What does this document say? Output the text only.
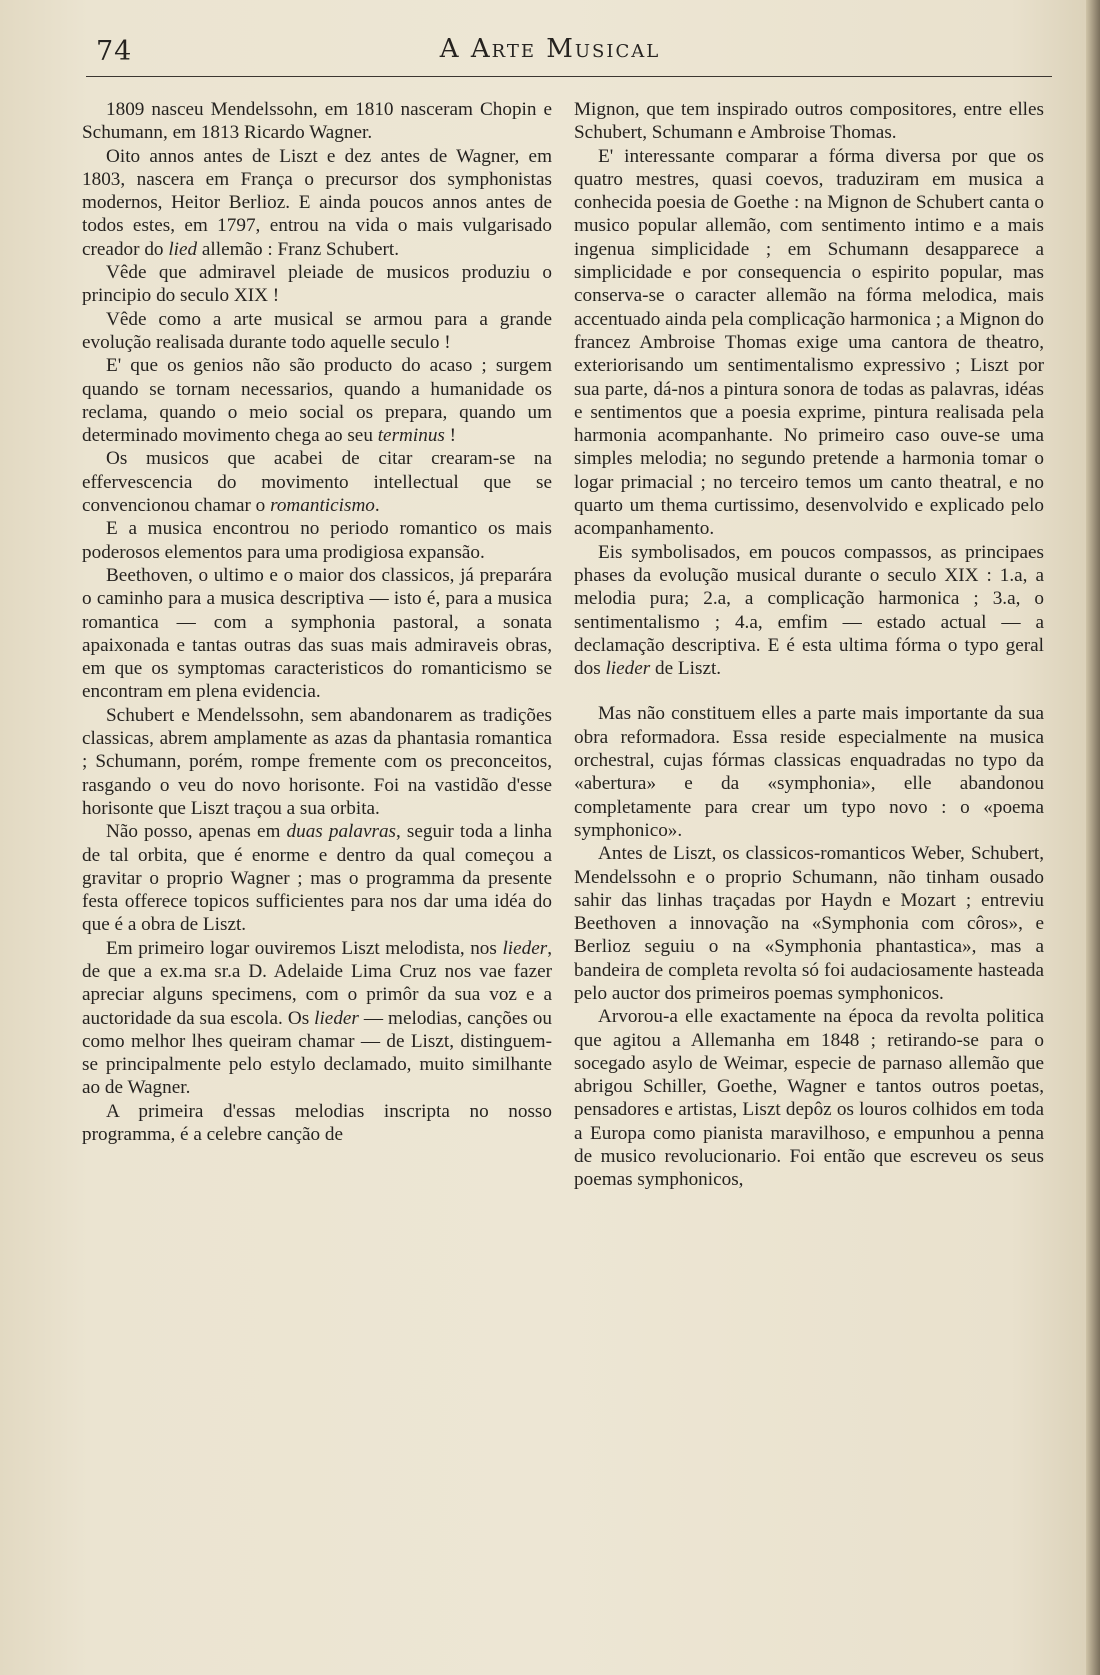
74	A Arte Musical

1809 nasceu Mendelssohn, em 1810 nasceram Chopin e Schumann, em 1813 Ricardo Wagner.

Oito annos antes de Liszt e dez antes de Wagner, em 1803, nascera em França o precursor dos symphonistas modernos, Heitor Berlioz. E ainda poucos annos antes de todos estes, em 1797, entrou na vida o mais vulgarisado creador do lied allemão : Franz Schubert.

Vêde que admiravel pleiade de musicos produziu o principio do seculo XIX !

Vêde como a arte musical se armou para a grande evolução realisada durante todo aquelle seculo !

E' que os genios não são producto do acaso ; surgem quando se tornam necessarios, quando a humanidade os reclama, quando o meio social os prepara, quando um determinado movimento chega ao seu terminus !

Os musicos que acabei de citar crearam-se na effervescencia do movimento intellectual que se convencionou chamar o romanticismo.

E a musica encontrou no periodo romantico os mais poderosos elementos para uma prodigiosa expansão.

Beethoven, o ultimo e o maior dos classicos, já preparára o caminho para a musica descriptiva — isto é, para a musica romantica — com a symphonia pastoral, a sonata apaixonada e tantas outras das suas mais admiraveis obras, em que os symptomas caracteristicos do romanticismo se encontram em plena evidencia.

Schubert e Mendelssohn, sem abandonarem as tradições classicas, abrem amplamente as azas da phantasia romantica ; Schumann, porém, rompe fremente com os preconceitos, rasgando o veu do novo horisonte. Foi na vastidão d'esse horisonte que Liszt traçou a sua orbita.

Não posso, apenas em duas palavras, seguir toda a linha de tal orbita, que é enorme e dentro da qual começou a gravitar o proprio Wagner ; mas o programma da presente festa offerece topicos sufficientes para nos dar uma idéa do que é a obra de Liszt.

Em primeiro logar ouviremos Liszt melodista, nos lieder, de que a ex.ma sr.a D. Adelaide Lima Cruz nos vae fazer apreciar alguns specimens, com o primôr da sua voz e a auctoridade da sua escola. Os lieder — melodias, canções ou como melhor lhes queiram chamar — de Liszt, distinguem-se principalmente pelo estylo declamado, muito similhante ao de Wagner.

A primeira d'essas melodias inscripta no nosso programma, é a celebre canção de

Mignon, que tem inspirado outros compositores, entre elles Schubert, Schumann e Ambroise Thomas.

E' interessante comparar a fórma diversa por que os quatro mestres, quasi coevos, traduziram em musica a conhecida poesia de Goethe : na Mignon de Schubert canta o musico popular allemão, com sentimento intimo e a mais ingenua simplicidade ; em Schumann desapparece a simplicidade e por consequencia o espirito popular, mas conserva-se o caracter allemão na fórma melodica, mais accentuado ainda pela complicação harmonica ; a Mignon do francez Ambroise Thomas exige uma cantora de theatro, exteriorisando um sentimentalismo expressivo ; Liszt por sua parte, dá-nos a pintura sonora de todas as palavras, idéas e sentimentos que a poesia exprime, pintura realisada pela harmonia acompanhante. No primeiro caso ouve-se uma simples melodia; no segundo pretende a harmonia tomar o logar primacial ; no terceiro temos um canto theatral, e no quarto um thema curtissimo, desenvolvido e explicado pelo acompanhamento.

Eis symbolisados, em poucos compassos, as principaes phases da evolução musical durante o seculo XIX : 1.a, a melodia pura; 2.a, a complicação harmonica ; 3.a, o sentimentalismo ; 4.a, emfim — estado actual — a declamação descriptiva. E é esta ultima fórma o typo geral dos lieder de Liszt.

Mas não constituem elles a parte mais importante da sua obra reformadora. Essa reside especialmente na musica orchestral, cujas fórmas classicas enquadradas no typo da «abertura» e da «symphonia», elle abandonou completamente para crear um typo novo : o «poema symphonico».

Antes de Liszt, os classicos-romanticos Weber, Schubert, Mendelssohn e o proprio Schumann, não tinham ousado sahir das linhas traçadas por Haydn e Mozart ; entreviu Beethoven a innovação na «Symphonia com côros», e Berlioz seguiu o na «Symphonia phantastica», mas a bandeira de completa revolta só foi audaciosamente hasteada pelo auctor dos primeiros poemas symphonicos.

Arvorou-a elle exactamente na época da revolta politica que agitou a Allemanha em 1848 ; retirando-se para o socegado asylo de Weimar, especie de parnaso allemão que abrigou Schiller, Goethe, Wagner e tantos outros poetas, pensadores e artistas, Liszt depôz os louros colhidos em toda a Europa como pianista maravilhoso, e empunhou a penna de musico revolucionario. Foi então que escreveu os seus poemas symphonicos,
